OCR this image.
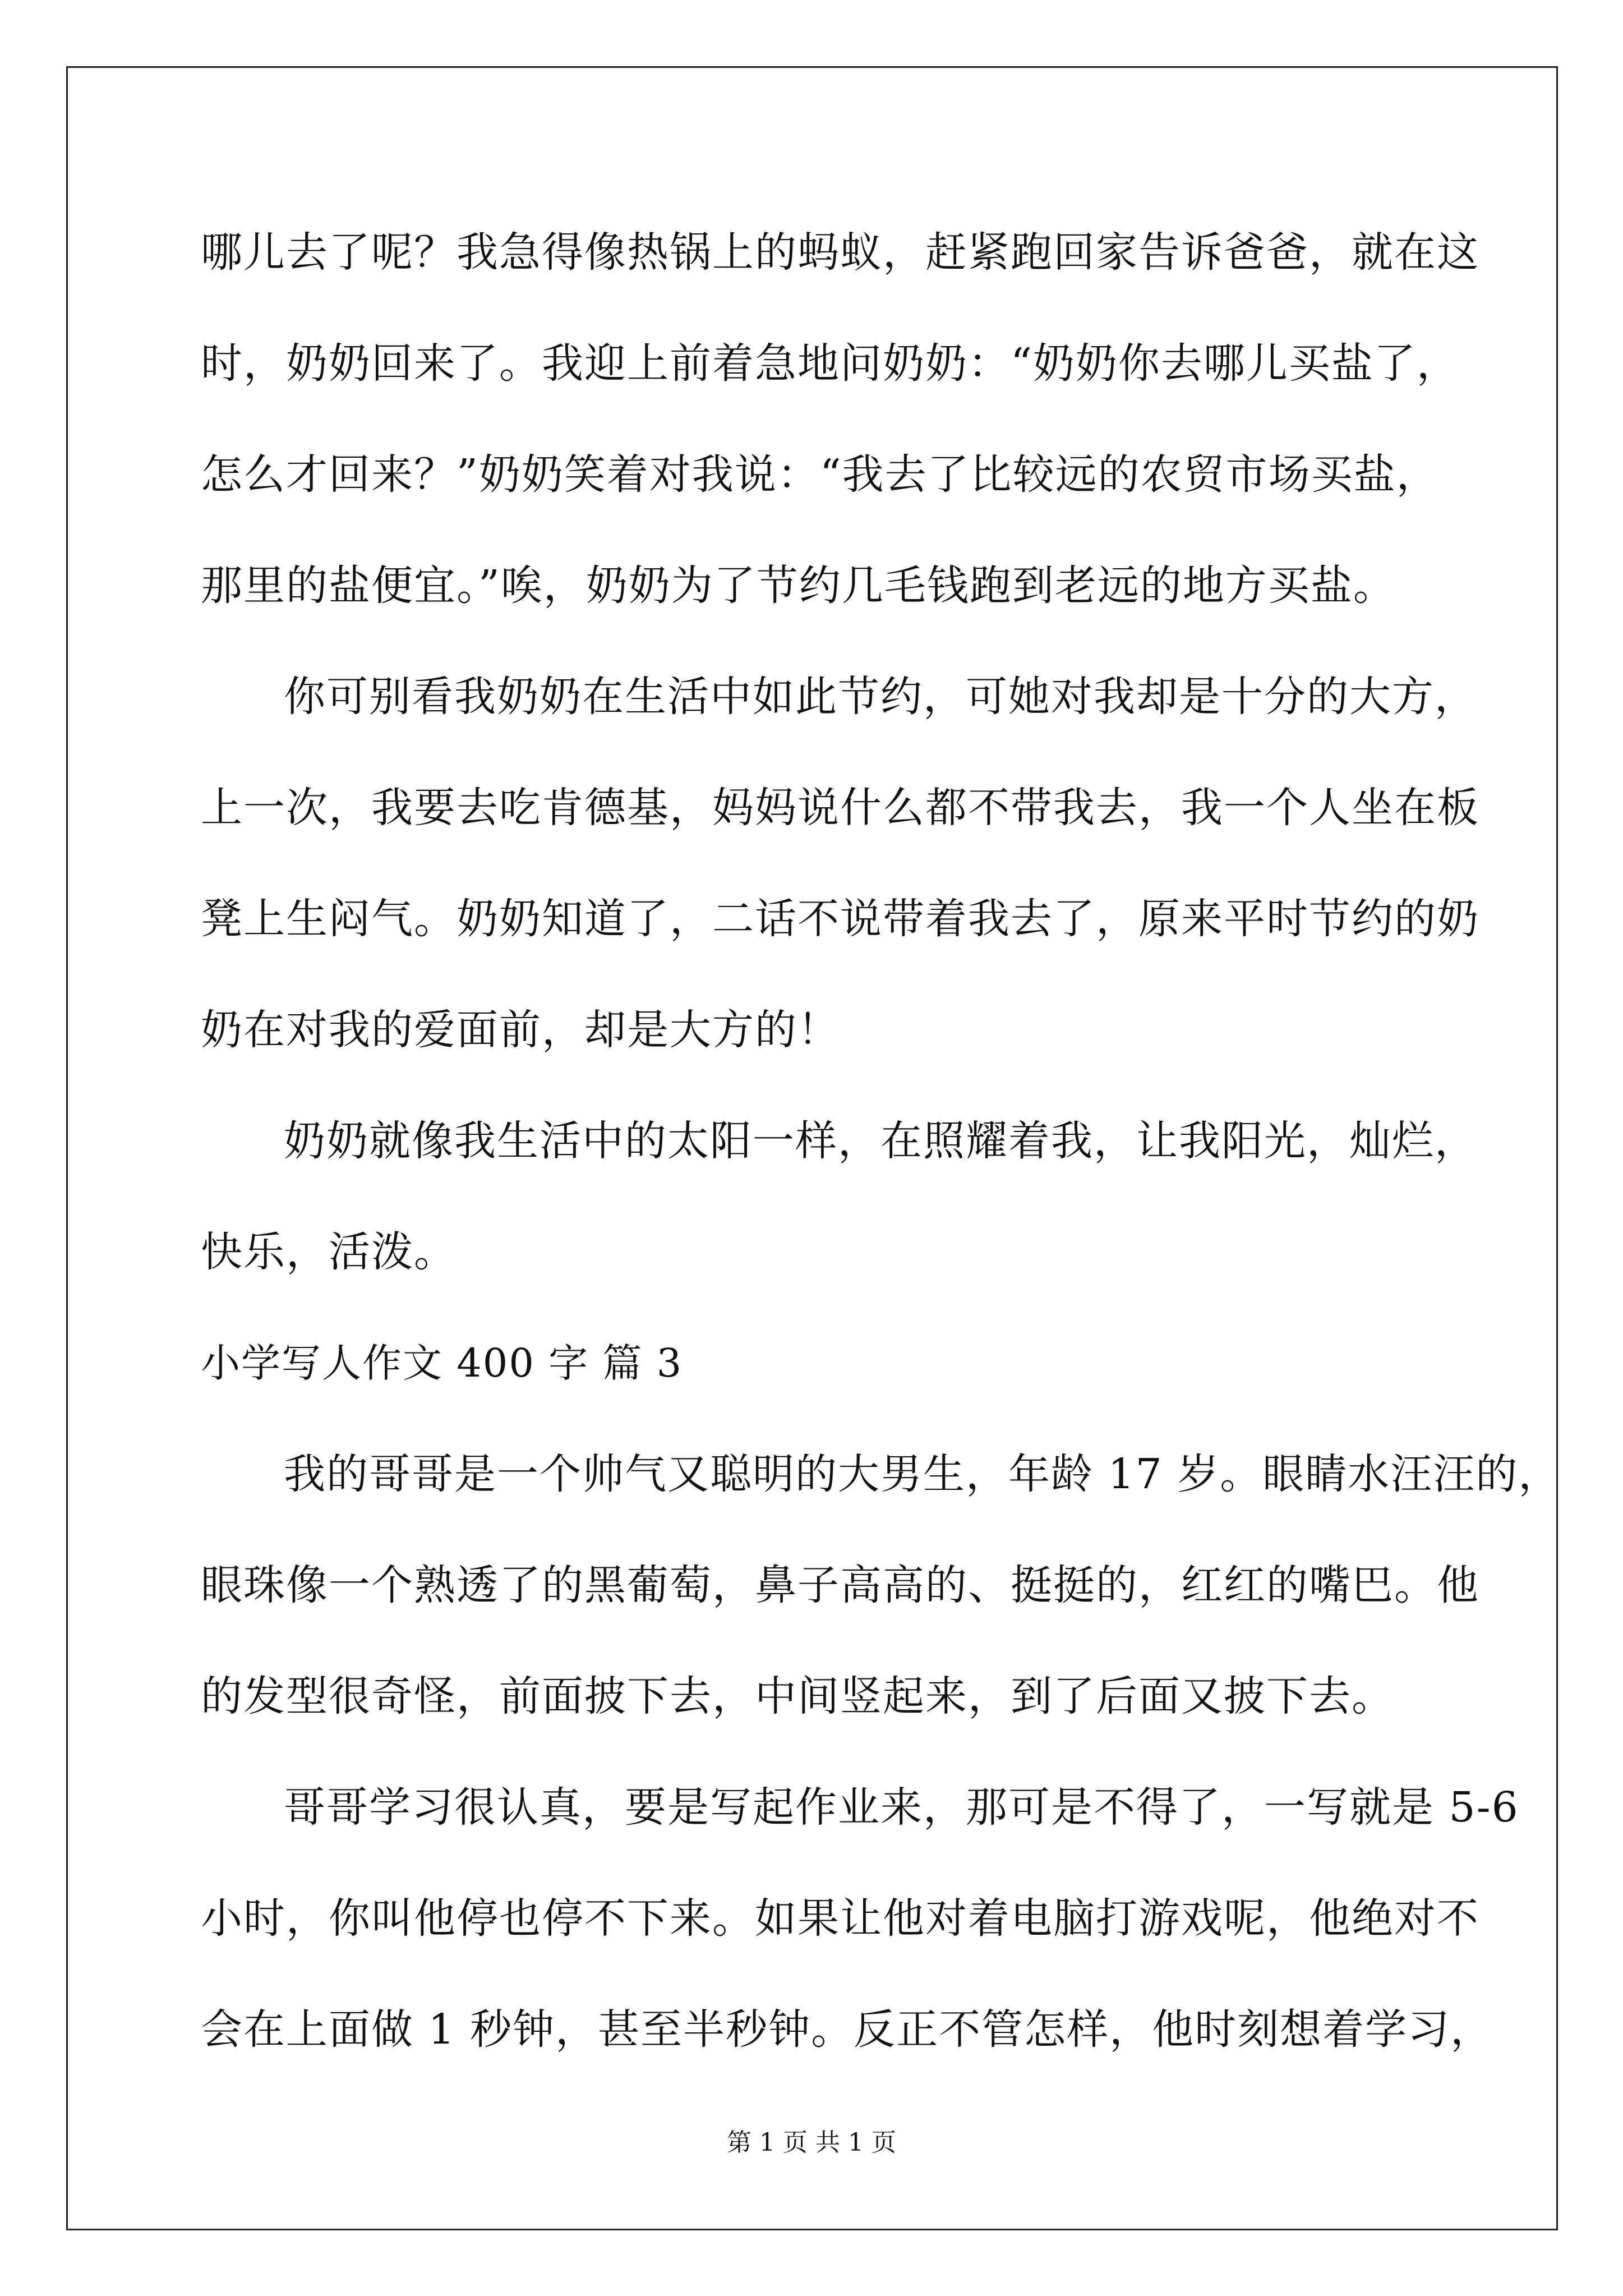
哪儿去了呢？我急得像热锅上的蚂蚁，赶紧跑回家告诉爸爸，就在这
时，奶奶回来了。我迎上前着急地问奶奶：“奶奶你去哪儿买盐了，
怎么才回来？”奶奶笑着对我说：“我去了比较远的农贸市场买盐，
那里的盐便宜。”唉，奶奶为了节约几毛钱跑到老远的地方买盐。
你可别看我奶奶在生活中如此节约，可她对我却是十分的大方，
上一次，我要去吃肯德基，妈妈说什么都不带我去，我一个人坐在板
凳上生闷气。奶奶知道了，二话不说带着我去了，原来平时节约的奶
奶在对我的爱面前，却是大方的！
奶奶就像我生活中的太阳一样，在照耀着我，让我阳光，灿烂，
快乐，活泼。
小学写人作文 400 字 篇 3
我的哥哥是一个帅气又聪明的大男生，年龄 17 岁。眼睛水汪汪的，
眼珠像一个熟透了的黑葡萄，鼻子高高的、挺挺的，红红的嘴巴。他
的发型很奇怪，前面披下去，中间竖起来，到了后面又披下去。
哥哥学习很认真，要是写起作业来，那可是不得了，一写就是 5-6
小时，你叫他停也停不下来。如果让他对着电脑打游戏呢，他绝对不
会在上面做 1 秒钟，甚至半秒钟。反正不管怎样，他时刻想着学习，
第 1 页 共 1 页
